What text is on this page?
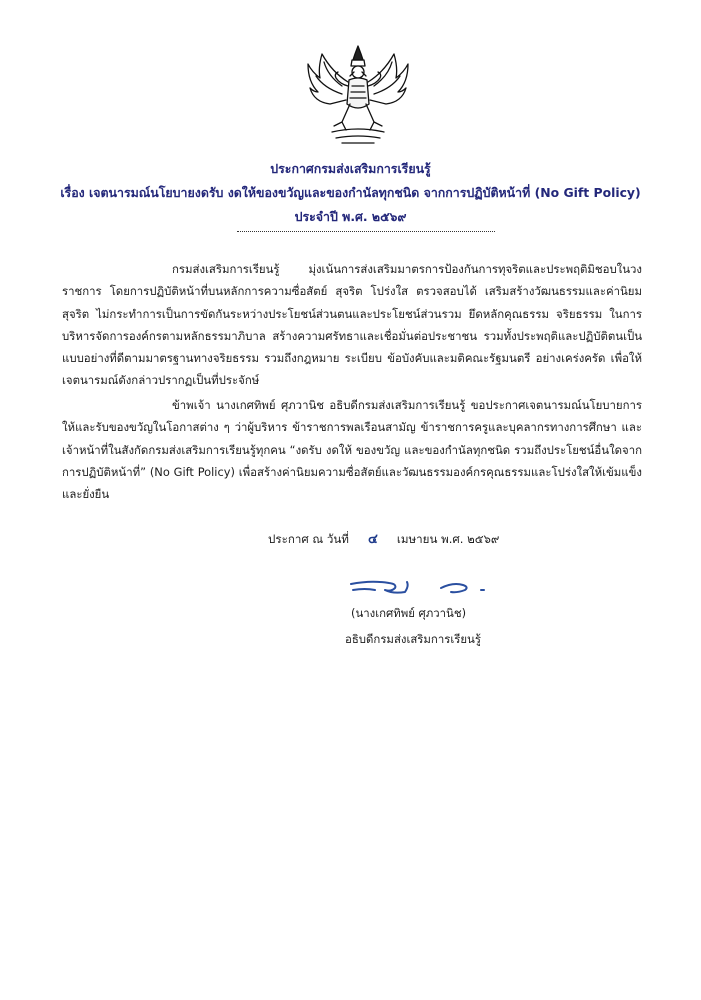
ประกาศกรมส่งเสริมการเรียนรู้
เรื่อง เจตนารมณ์นโยบายงดรับ งดให้ของขวัญและของกำนัลทุกชนิด จากการปฏิบัติหน้าที่ (No Gift Policy)
ประจำปี พ.ศ. ๒๕๖๙
กรมส่งเสริมการเรียนรู้ มุ่งเน้นการส่งเสริมมาตรการป้องกันการทุจริตและประพฤติมิชอบในวงราชการ โดยการปฏิบัติหน้าที่บนหลักการความซื่อสัตย์ สุจริต โปร่งใส ตรวจสอบได้ เสริมสร้างวัฒนธรรมและค่านิยมสุจริต ไม่กระทำการเป็นการขัดกันระหว่างประโยชน์ส่วนตนและประโยชน์ส่วนรวม ยึดหลักคุณธรรม จริยธรรม ในการบริหารจัดการองค์กรตามหลักธรรมาภิบาล สร้างความศรัทธาและเชื่อมั่นต่อประชาชน รวมทั้งประพฤติและปฏิบัติตนเป็นแบบอย่างที่ดีตามมาตรฐานทางจริยธรรม รวมถึงกฎหมาย ระเบียบ ข้อบังคับและมติคณะรัฐมนตรี อย่างเคร่งครัด เพื่อให้เจตนารมณ์ดังกล่าวปรากฏเป็นที่ประจักษ์
ข้าพเจ้า นางเกศทิพย์ ศุภวานิช อธิบดีกรมส่งเสริมการเรียนรู้ ขอประกาศเจตนารมณ์นโยบายการให้และรับของขวัญในโอกาสต่าง ๆ ว่าผู้บริหาร ข้าราชการพลเรือนสามัญ ข้าราชการครูและบุคลากรทางการศึกษา และเจ้าหน้าที่ในสังกัดกรมส่งเสริมการเรียนรู้ทุกคน “งดรับ งดให้ ของขวัญ และของกำนัลทุกชนิด รวมถึงประโยชน์อื่นใดจากการปฏิบัติหน้าที่” (No Gift Policy) เพื่อสร้างค่านิยมความซื่อสัตย์และวัฒนธรรมองค์กรคุณธรรมและโปร่งใสให้เข้มแข็งและยั่งยืน
ประกาศ ณ วันที่ ๔ เมษายน พ.ศ. ๒๕๖๙
(นางเกศทิพย์ ศุภวานิช)
อธิบดีกรมส่งเสริมการเรียนรู้
